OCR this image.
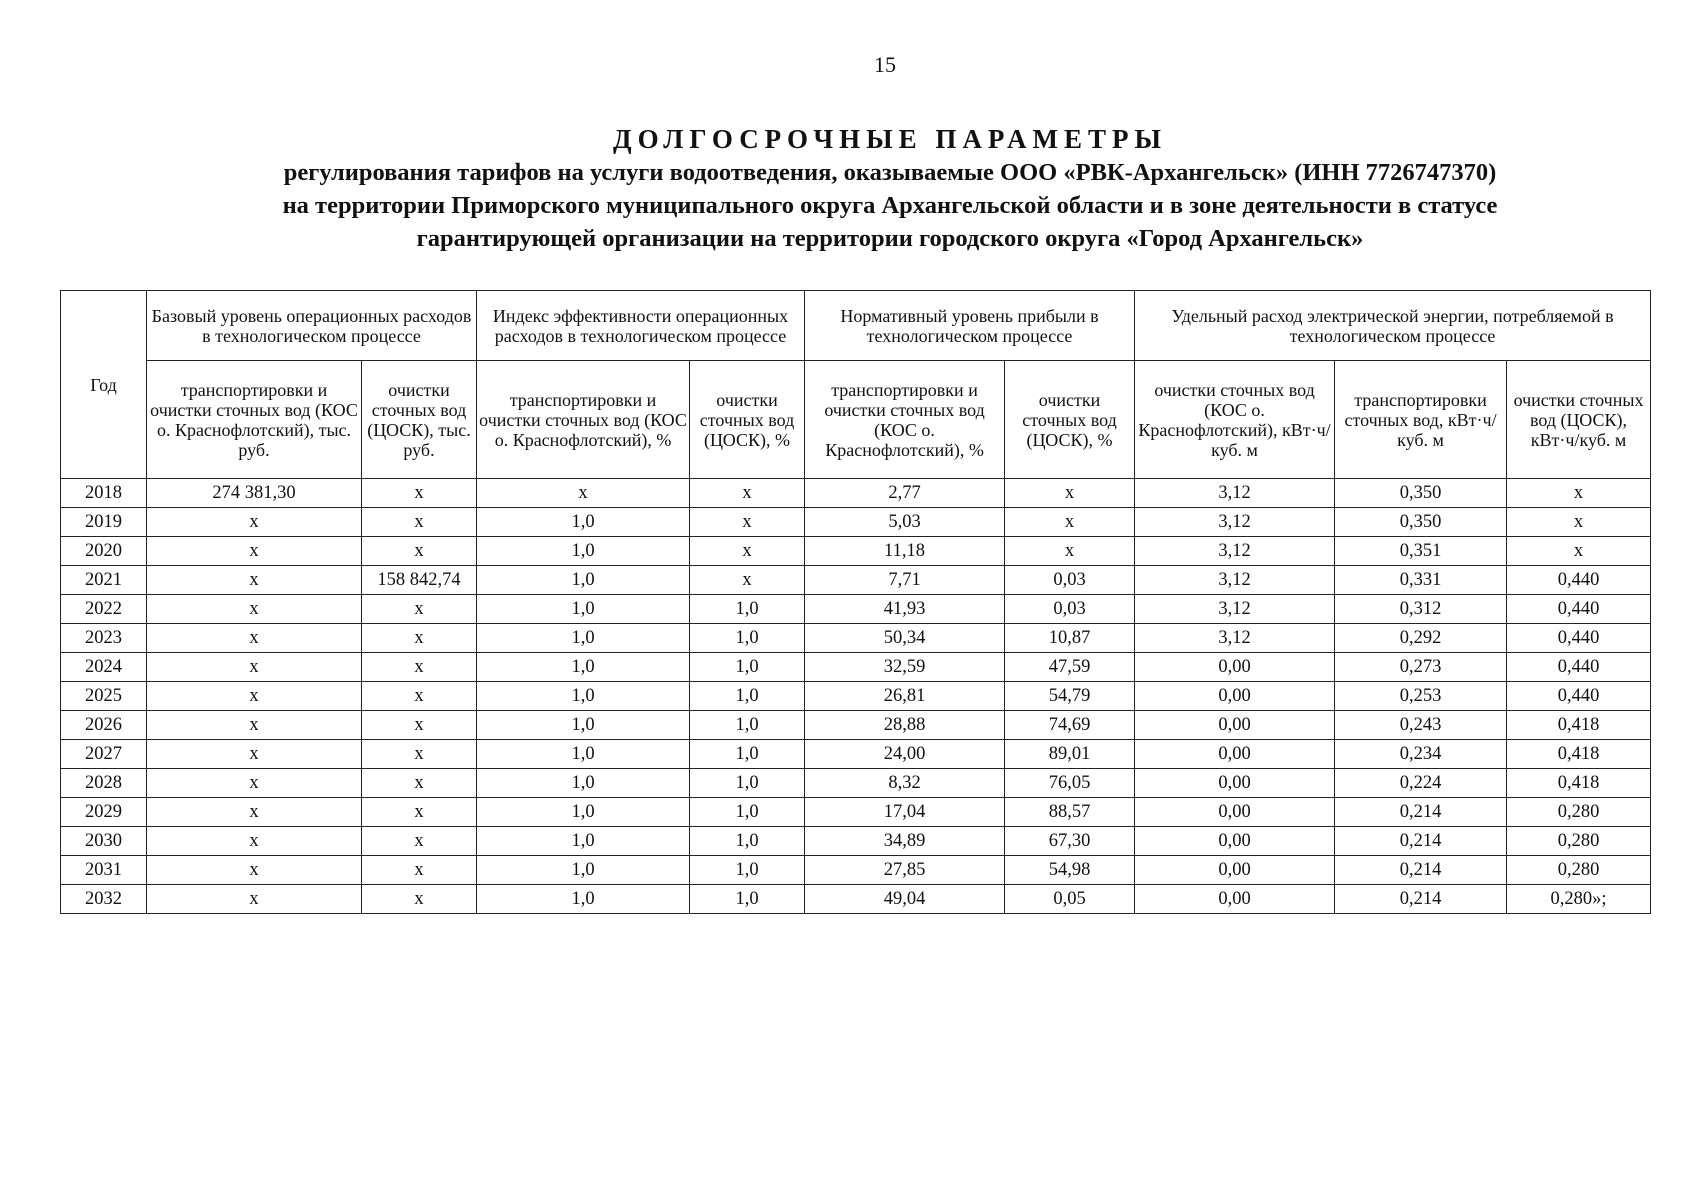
15

ДОЛГОСРОЧНЫЕ ПАРАМЕТРЫ

регулирования тарифов на услуги водоотведения, оказываемые ООО «РВК-Архангельск» (ИНН 7726747370)

на территории Приморского муниципального округа Архангельской области и в зоне деятельности в статусе

гарантирующей организации на территории городского округа «Город Архангельск»

Год	Базовый уровень операционных расходов в технологическом процессе		Индекс эффективности операционных расходов в технологическом процессе		Нормативный уровень прибыли в технологическом процессе		Удельный расход электрической энергии, потребляемой в технологическом процессе		
	транспортировки и очистки сточных вод (КОС о. Краснофлотский), тыс. руб.	очистки сточных вод (ЦОСК), тыс. руб.	транспортировки и очистки сточных вод (КОС о. Краснофлотский), %	очистки сточных вод (ЦОСК), %	транспортировки и очистки сточных вод (КОС о. Краснофлотский), %	очистки сточных вод (ЦОСК), %	очистки сточных вод (КОС о. Краснофлотский), кВт·ч/куб. м	транспортировки сточных вод, кВт·ч/куб. м	очистки сточных вод (ЦОСК), кВт·ч/куб. м
2018	274 381,30	x	x	x	2,77	x	3,12	0,350	x
2019	x	x	1,0	x	5,03	x	3,12	0,350	x
2020	x	x	1,0	x	11,18	x	3,12	0,351	x
2021	x	158 842,74	1,0	x	7,71	0,03	3,12	0,331	0,440
2022	x	x	1,0	1,0	41,93	0,03	3,12	0,312	0,440
2023	x	x	1,0	1,0	50,34	10,87	3,12	0,292	0,440
2024	x	x	1,0	1,0	32,59	47,59	0,00	0,273	0,440
2025	x	x	1,0	1,0	26,81	54,79	0,00	0,253	0,440
2026	x	x	1,0	1,0	28,88	74,69	0,00	0,243	0,418
2027	x	x	1,0	1,0	24,00	89,01	0,00	0,234	0,418
2028	x	x	1,0	1,0	8,32	76,05	0,00	0,224	0,418
2029	x	x	1,0	1,0	17,04	88,57	0,00	0,214	0,280
2030	x	x	1,0	1,0	34,89	67,30	0,00	0,214	0,280
2031	x	x	1,0	1,0	27,85	54,98	0,00	0,214	0,280
2032	x	x	1,0	1,0	49,04	0,05	0,00	0,214	0,280»;
